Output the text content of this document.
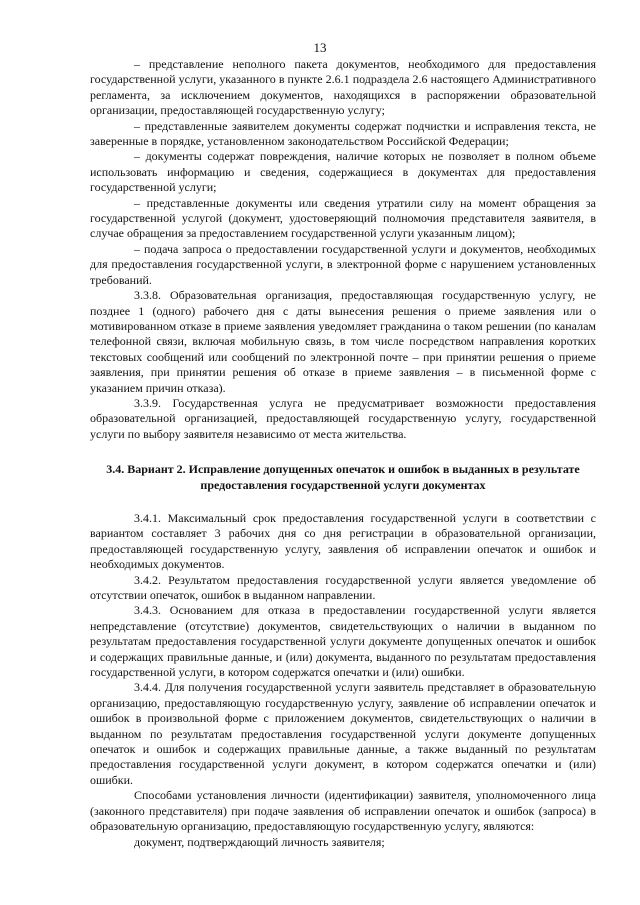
13

– представление неполного пакета документов, необходимого для предоставления государственной услуги, указанного в пункте 2.6.1 подраздела 2.6 настоящего Административного регламента, за исключением документов, находящихся в распоряжении образовательной организации, предоставляющей государственную услугу;

– представленные заявителем документы содержат подчистки и исправления текста, не заверенные в порядке, установленном законодательством Российской Федерации;

– документы содержат повреждения, наличие которых не позволяет в полном объеме использовать информацию и сведения, содержащиеся в документах для предоставления государственной услуги;

– представленные документы или сведения утратили силу на момент обращения за государственной услугой (документ, удостоверяющий полномочия представителя заявителя, в случае обращения за предоставлением государственной услуги указанным лицом);

– подача запроса о предоставлении государственной услуги и документов, необходимых для предоставления государственной услуги, в электронной форме с нарушением установленных требований.

3.3.8. Образовательная организация, предоставляющая государственную услугу, не позднее 1 (одного) рабочего дня с даты вынесения решения о приеме заявления или о мотивированном отказе в приеме заявления уведомляет гражданина о таком решении (по каналам телефонной связи, включая мобильную связь, в том числе посредством направления коротких текстовых сообщений или сообщений по электронной почте – при принятии решения о приеме заявления, при принятии решения об отказе в приеме заявления – в письменной форме с указанием причин отказа).

3.3.9. Государственная услуга не предусматривает возможности предоставления образовательной организацией, предоставляющей государственную услугу, государственной услуги по выбору заявителя независимо от места жительства.

3.4. Вариант 2. Исправление допущенных опечаток и ошибок в выданных в результате предоставления государственной услуги документах

3.4.1. Максимальный срок предоставления государственной услуги в соответствии с вариантом составляет 3 рабочих дня со дня регистрации в образовательной организации, предоставляющей государственную услугу, заявления об исправлении опечаток и ошибок и необходимых документов.

3.4.2. Результатом предоставления государственной услуги является уведомление об отсутствии опечаток, ошибок в выданном направлении.

3.4.3. Основанием для отказа в предоставлении государственной услуги является непредставление (отсутствие) документов, свидетельствующих о наличии в выданном по результатам предоставления государственной услуги документе допущенных опечаток и ошибок и содержащих правильные данные, и (или) документа, выданного по результатам предоставления государственной услуги, в котором содержатся опечатки и (или) ошибки.

3.4.4. Для получения государственной услуги заявитель представляет в образовательную организацию, предоставляющую государственную услугу, заявление об исправлении опечаток и ошибок в произвольной форме с приложением документов, свидетельствующих о наличии в выданном по результатам предоставления государственной услуги документе допущенных опечаток и ошибок и содержащих правильные данные, а также выданный по результатам предоставления государственной услуги документ, в котором содержатся опечатки и (или) ошибки.

Способами установления личности (идентификации) заявителя, уполномоченного лица (законного представителя) при подаче заявления об исправлении опечаток и ошибок (запроса) в образовательную организацию, предоставляющую государственную услугу, являются:

документ, подтверждающий личность заявителя;
